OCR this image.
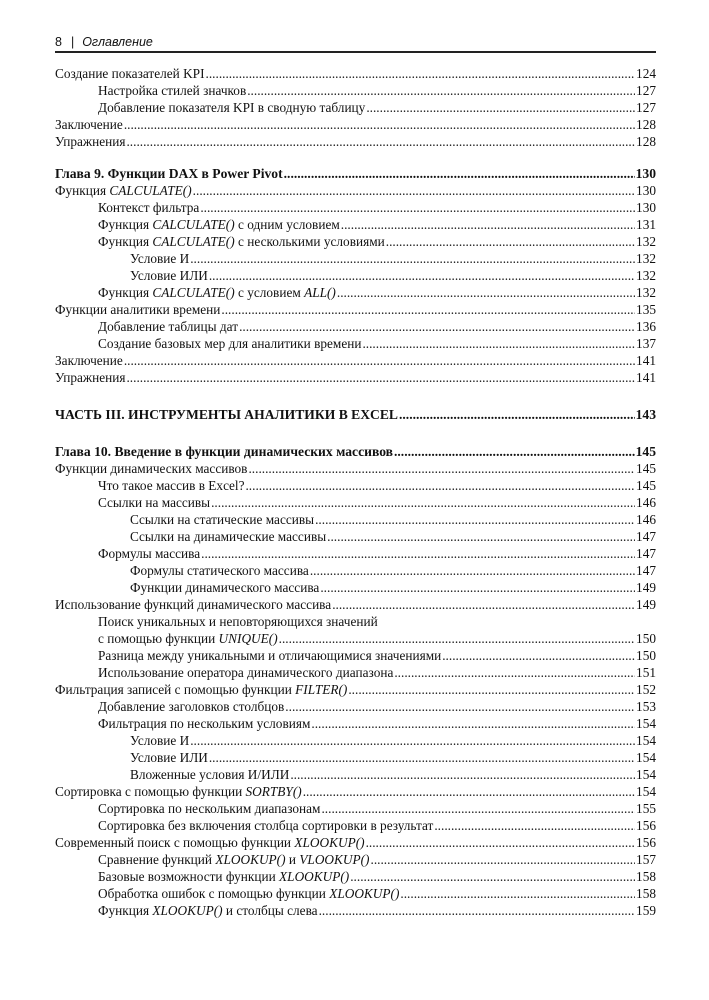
8 | Оглавление
Создание показателей KPI .....	124
Настройка стилей значков .....	127
Добавление показателя KPI в сводную таблицу .....	127
Заключение .....	128
Упражнения .....	128
Глава 9. Функции DAX в Power Pivot .....	130
Функция CALCULATE() .....	130
Контекст фильтра .....	130
Функция CALCULATE() с одним условием .....	131
Функция CALCULATE() с несколькими условиями .....	132
Условие И .....	132
Условие ИЛИ .....	132
Функция CALCULATE() с условием ALL() .....	132
Функции аналитики времени .....	135
Добавление таблицы дат .....	136
Создание базовых мер для аналитики времени .....	137
Заключение .....	141
Упражнения .....	141
ЧАСТЬ III. ИНСТРУМЕНТЫ АНАЛИТИКИ В EXCEL .....	143
Глава 10. Введение в функции динамических массивов .....	145
Функции динамических массивов .....	145
Что такое массив в Excel? .....	145
Ссылки на массивы .....	146
Ссылки на статические массивы .....	146
Ссылки на динамические массивы .....	147
Формулы массива .....	147
Формулы статического массива .....	147
Функции динамического массива .....	149
Использование функций динамического массива .....	149
Поиск уникальных и неповторяющихся значений
с помощью функции UNIQUE() .....	150
Разница между уникальными и отличающимися значениями .....	150
Использование оператора динамического диапазона .....	151
Фильтрация записей с помощью функции FILTER() .....	152
Добавление заголовков столбцов .....	153
Фильтрация по нескольким условиям .....	154
Условие И .....	154
Условие ИЛИ .....	154
Вложенные условия И/ИЛИ .....	154
Сортировка с помощью функции SORTBY() .....	154
Сортировка по нескольким диапазонам .....	155
Сортировка без включения столбца сортировки в результат .....	156
Современный поиск с помощью функции XLOOKUP() .....	156
Сравнение функций XLOOKUP() и VLOOKUP() .....	157
Базовые возможности функции XLOOKUP() .....	158
Обработка ошибок с помощью функции XLOOKUP() .....	158
Функция XLOOKUP() и столбцы слева .....	159
